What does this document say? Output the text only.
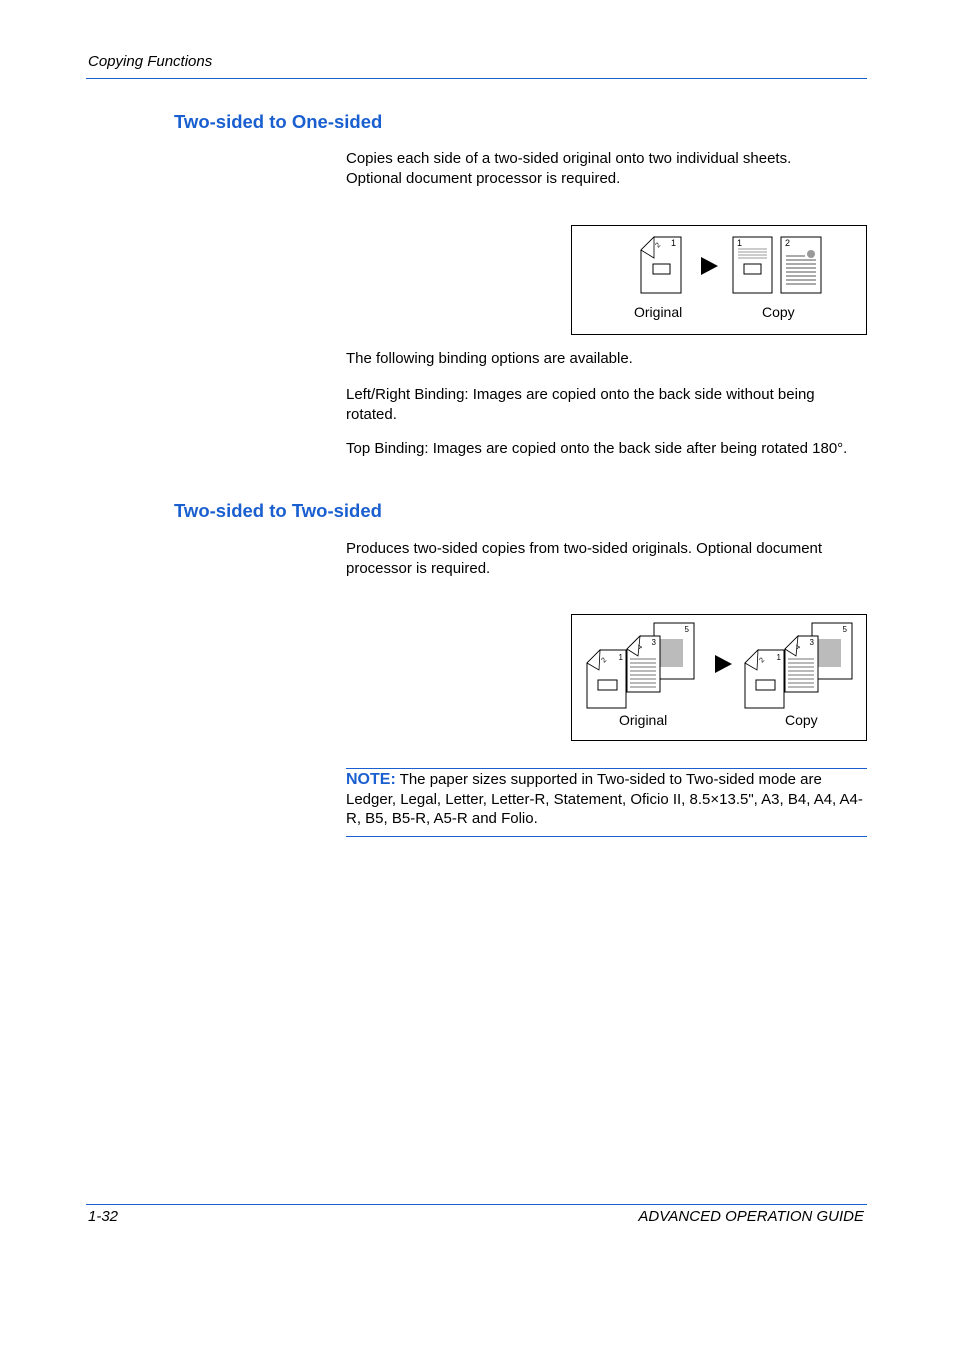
Copying Functions
Two-sided to One-sided

Copies each side of a two-sided original onto two individual sheets.

Optional document processor is required.

1
2	1	2
Original	Copy
The following binding options are available.
Left/Right Binding: Images are copied onto the back side without being rotated.
Top Binding: Images are copied onto the back side after being rotated 180°.
Two-sided to Two-sided
Produces two-sided copies from two-sided originals. Optional document processor is required.
5
3
4
1
2
5
3
4
1
2
Original	Copy
NOTE: The paper sizes supported in Two-sided to Two-sided mode are Ledger, Legal, Letter, Letter-R, Statement, Oficio II, 8.5×13.5", A3, B4, A4, A4-R, B5, B5-R, A5-R and Folio.
1-32	ADVANCED OPERATION GUIDE
